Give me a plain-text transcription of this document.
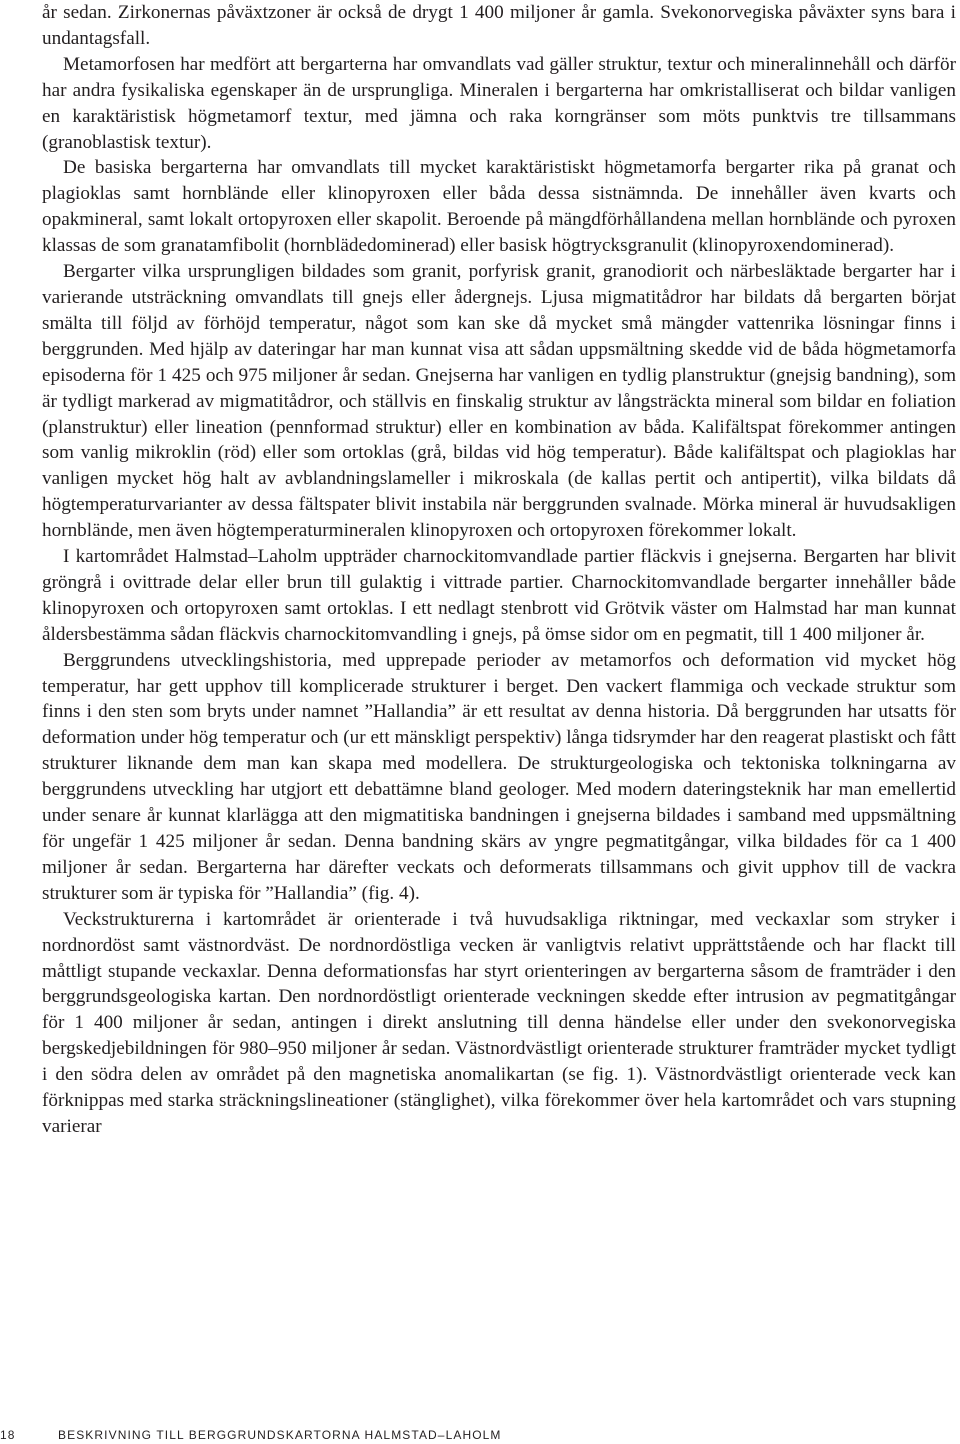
år sedan. Zirkonernas påväxtzoner är också de drygt 1 400 miljoner år gamla. Svekonorvegiska påväxter syns bara i undantagsfall.

Metamorfosen har medfört att bergarterna har omvandlats vad gäller struktur, textur och mineralinnehåll och därför har andra fysikaliska egenskaper än de ursprungliga. Mineralen i bergarterna har omkristalliserat och bildar vanligen en karaktäristisk högmetamorf textur, med jämna och raka korngränser som möts punktvis tre tillsammans (granoblastisk textur).

De basiska bergarterna har omvandlats till mycket karaktäristiskt högmetamorfa bergarter rika på granat och plagioklas samt hornblände eller klinopyroxen eller båda dessa sistnämnda. De innehåller även kvarts och opakmineral, samt lokalt ortopyroxen eller skapolit. Beroende på mängdförhållandena mellan hornblände och pyroxen klassas de som granatamfibolit (hornblädedominerad) eller basisk högtrycksgranulit (klinopyroxendominerad).

Bergarter vilka ursprungligen bildades som granit, porfyrisk granit, granodiorit och närbesläktade bergarter har i varierande utsträckning omvandlats till gnejs eller ådergnejs. Ljusa migmatitådror har bildats då bergarten börjat smälta till följd av förhöjd temperatur, något som kan ske då mycket små mängder vattenrika lösningar finns i berggrunden. Med hjälp av dateringar har man kunnat visa att sådan uppsmältning skedde vid de båda högmetamorfa episoderna för 1 425 och 975 miljoner år sedan. Gnejserna har vanligen en tydlig planstruktur (gnejsig bandning), som är tydligt markerad av migmatitådror, och ställvis en finskalig struktur av långsträckta mineral som bildar en foliation (planstruktur) eller lineation (pennformad struktur) eller en kombination av båda. Kalifältspat förekommer antingen som vanlig mikroklin (röd) eller som ortoklas (grå, bildas vid hög temperatur). Både kalifältspat och plagioklas har vanligen mycket hög halt av avblandningslameller i mikroskala (de kallas pertit och antipertit), vilka bildats då högtemperaturvarianter av dessa fältspater blivit instabila när berggrunden svalnade. Mörka mineral är huvudsakligen hornblände, men även högtemperaturmineralen klinopyroxen och ortopyroxen förekommer lokalt.

I kartområdet Halmstad–Laholm uppträder charnockitomvandlade partier fläckvis i gnejserna. Bergarten har blivit gröngrå i ovittrade delar eller brun till gulaktig i vittrade partier. Charnockitomvandlade bergarter innehåller både klinopyroxen och ortopyroxen samt ortoklas. I ett nedlagt stenbrott vid Grötvik väster om Halmstad har man kunnat åldersbestämma sådan fläckvis charnockitomvandling i gnejs, på ömse sidor om en pegmatit, till 1 400 miljoner år.

Berggrundens utvecklingshistoria, med upprepade perioder av metamorfos och deformation vid mycket hög temperatur, har gett upphov till komplicerade strukturer i berget. Den vackert flammiga och veckade struktur som finns i den sten som bryts under namnet ”Hallandia” är ett resultat av denna historia. Då berggrunden har utsatts för deformation under hög temperatur och (ur ett mänskligt perspektiv) långa tidsrymder har den reagerat plastiskt och fått strukturer liknande dem man kan skapa med modellera. De strukturgeologiska och tektoniska tolkningarna av berggrundens utveckling har utgjort ett debattämne bland geologer. Med modern dateringsteknik har man emellertid under senare år kunnat klarlägga att den migmatitiska bandningen i gnejserna bildades i samband med uppsmältning för ungefär 1 425 miljoner år sedan. Denna bandning skärs av yngre pegmatitgångar, vilka bildades för ca 1 400 miljoner år sedan. Bergarterna har därefter veckats och deformerats tillsammans och givit upphov till de vackra strukturer som är typiska för ”Hallandia” (fig. 4).

Veckstrukturerna i kartområdet är orienterade i två huvudsakliga riktningar, med veckaxlar som stryker i nordnordöst samt västnordväst. De nordnordöstliga vecken är vanligtvis relativt upprättstående och har flackt till måttligt stupande veckaxlar. Denna deformationsfas har styrt orienteringen av bergarterna såsom de framträder i den berggrundsgeologiska kartan. Den nordnordöstligt orienterade veckningen skedde efter intrusion av pegmatitgångar för 1 400 miljoner år sedan, antingen i direkt anslutning till denna händelse eller under den svekonorvegiska bergskedjebildningen för 980–950 miljoner år sedan. Västnordvästligt orienterade strukturer framträder mycket tydligt i den södra delen av området på den magnetiska anomalikartan (se fig. 1). Västnordvästligt orienterade veck kan förknippas med starka sträckningslineationer (stänglighet), vilka förekommer över hela kartområdet och vars stupning varierar

18	BESKRIVNING TILL BERGGRUNDSKARTORNA HALMSTAD–LAHOLM
